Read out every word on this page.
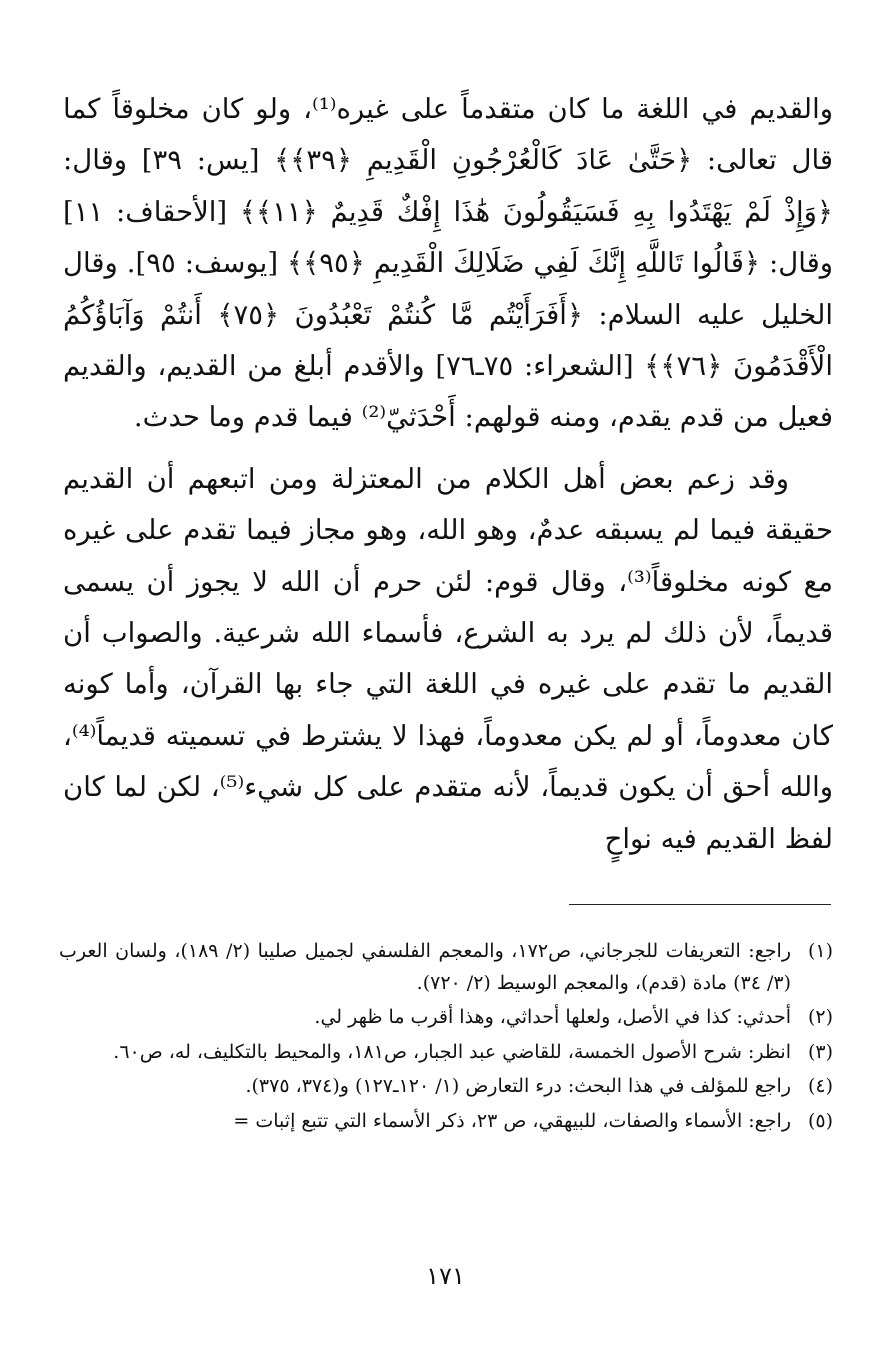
والقديم في اللغة ما كان متقدماً على غيره⁽¹⁾، ولو كان مخلوقاً كما قال تعالى: ﴿حَتَّىٰ عَادَ كَالْعُرْجُونِ الْقَدِيمِ ﴿٣٩﴾﴾ [يس: ٣٩] وقال: ﴿وَإِذْ لَمْ يَهْتَدُوا بِهِ فَسَيَقُولُونَ هَٰذَا إِفْكٌ قَدِيمٌ ﴿١١﴾﴾ [الأحقاف: ١١] وقال: ﴿قَالُوا تَاللَّهِ إِنَّكَ لَفِي ضَلَالِكَ الْقَدِيمِ ﴿٩٥﴾﴾ [يوسف: ٩٥]. وقال الخليل عليه السلام: ﴿أَفَرَأَيْتُم مَّا كُنتُمْ تَعْبُدُونَ ﴿٧٥﴾ أَنتُمْ وَآبَاؤُكُمُ الْأَقْدَمُونَ ﴿٧٦﴾﴾ [الشعراء: ٧٥ـ٧٦] والأقدم أبلغ من القديم، والقديم فعيل من قدم يقدم، ومنه قولهم: أَحْدَثيّ⁽²⁾ فيما قدم وما حدث.

وقد زعم بعض أهل الكلام من المعتزلة ومن اتبعهم أن القديم حقيقة فيما لم يسبقه عدمٌ، وهو الله، وهو مجاز فيما تقدم على غيره مع كونه مخلوقاً⁽³⁾، وقال قوم: لئن حرم أن الله لا يجوز أن يسمى قديماً، لأن ذلك لم يرد به الشرع، فأسماء الله شرعية. والصواب أن القديم ما تقدم على غيره في اللغة التي جاء بها القرآن، وأما كونه كان معدوماً، أو لم يكن معدوماً، فهذا لا يشترط في تسميته قديماً⁽⁴⁾، والله أحق أن يكون قديماً، لأنه متقدم على كل شيء⁽⁵⁾، لكن لما كان لفظ القديم فيه نواحٍ

(١)
راجع: التعريفات للجرجاني، ص١٧٢، والمعجم الفلسفي لجميل صليبا (٢/ ١٨٩)، ولسان العرب (٣/ ٣٤) مادة (قدم)، والمعجم الوسيط (٢/ ٧٢٠).
(٢)
أحدثي: كذا في الأصل، ولعلها أحداثي، وهذا أقرب ما ظهر لي.
(٣)
انظر: شرح الأصول الخمسة، للقاضي عبد الجبار، ص١٨١، والمحيط بالتكليف، له، ص٦٠.
(٤)
راجع للمؤلف في هذا البحث: درء التعارض (١/ ١٢٠ـ١٢٧) و(٣٧٤، ٣٧٥).
(٥)
راجع: الأسماء والصفات، للبيهقي، ص ٢٣، ذكر الأسماء التي تتبع إثبات =
١٧١
